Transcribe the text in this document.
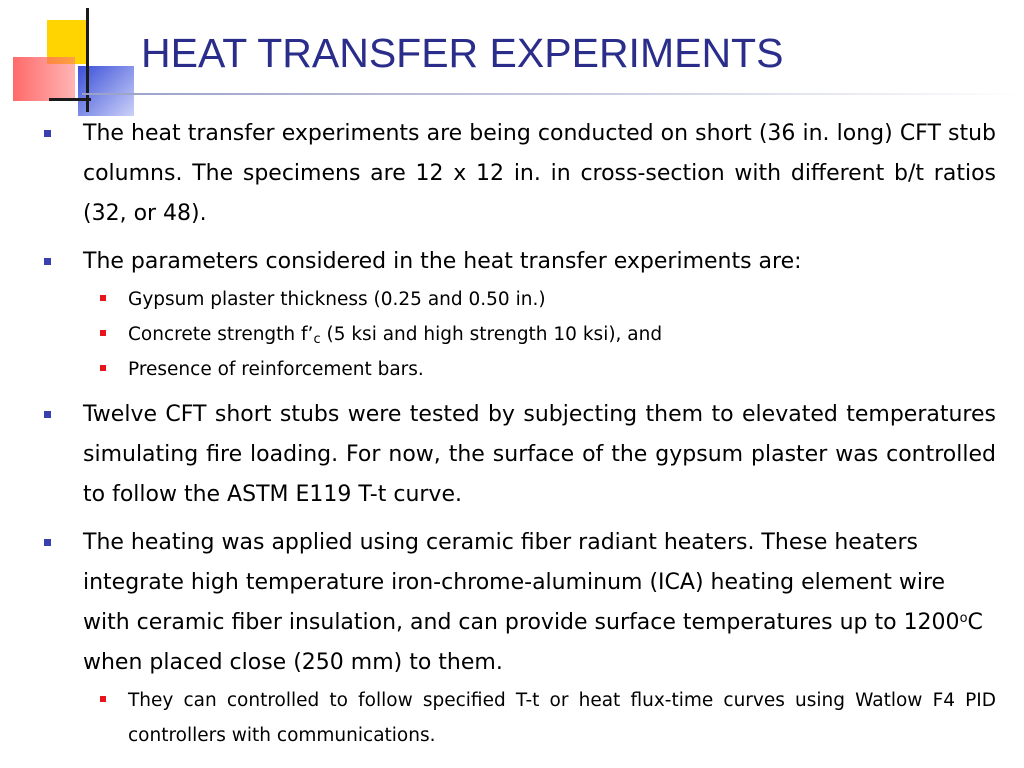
HEAT TRANSFER EXPERIMENTS
The heat transfer experiments are being conducted on short (36 in. long) CFT stub columns. The specimens are 12 x 12 in. in cross-section with different b/t ratios (32, or 48).
The parameters considered in the heat transfer experiments are:
Gypsum plaster thickness (0.25 and 0.50 in.)
Concrete strength $f’_c$ (5 ksi and high strength 10 ksi), and
Presence of reinforcement bars.
Twelve CFT short stubs were tested by subjecting them to elevated temperatures simulating fire loading. For now, the surface of the gypsum plaster was controlled to follow the ASTM E119 T-t curve.
The heating was applied using ceramic fiber radiant heaters. These heaters integrate high temperature iron-chrome-aluminum (ICA) heating element wire with ceramic fiber insulation, and can provide surface temperatures up to 1200$^o$C when placed close (250 mm) to them.
They can controlled to follow specified T-t or heat flux-time curves using Watlow F4 PID controllers with communications.
